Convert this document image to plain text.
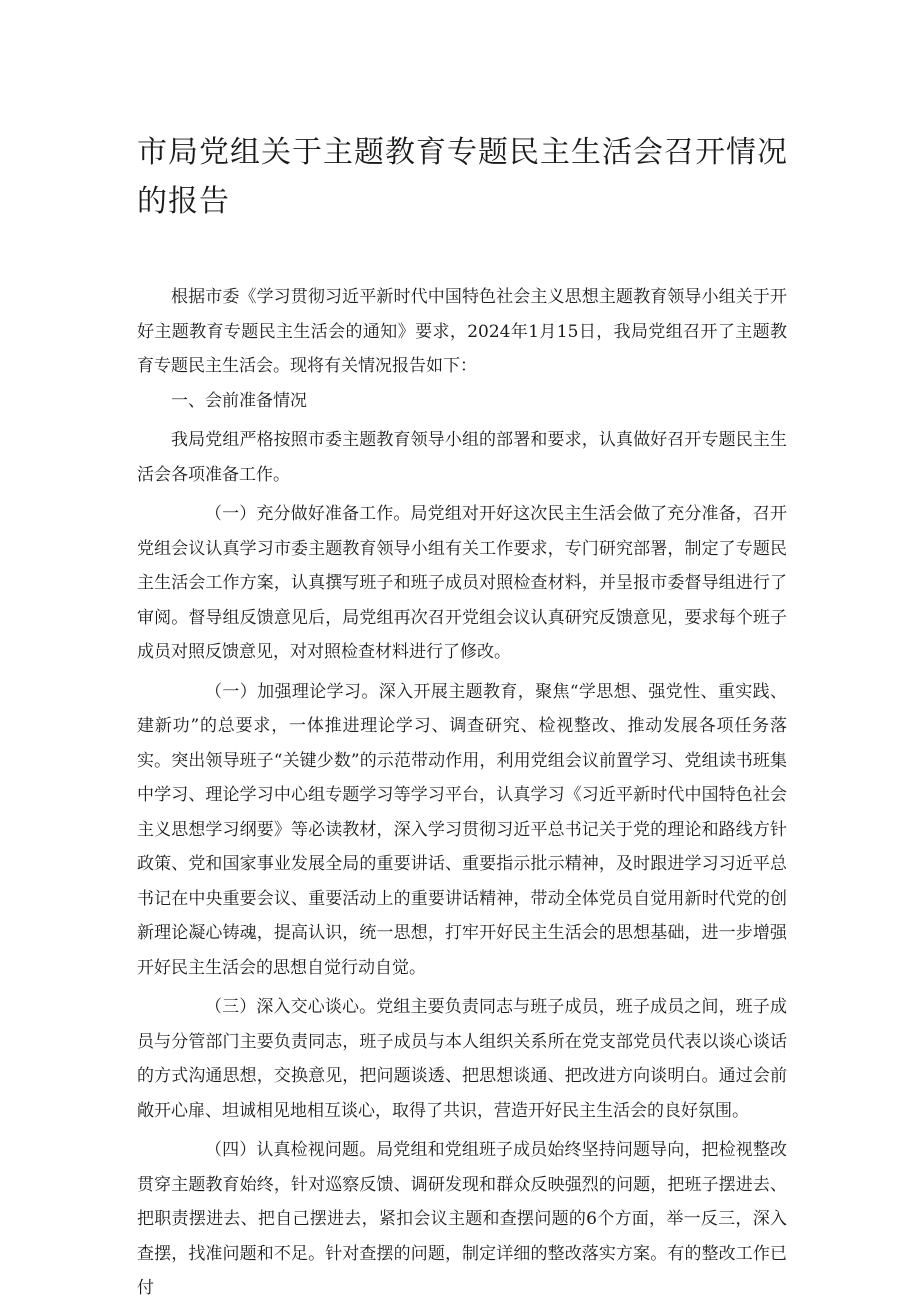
市局党组关于主题教育专题民主生活会召开情况的报告

根据市委《学习贯彻习近平新时代中国特色社会主义思想主题教育领导小组关于开好主题教育专题民主生活会的通知》要求，2024年1月15日，我局党组召开了主题教育专题民主生活会。现将有关情况报告如下：

一、会前准备情况

我局党组严格按照市委主题教育领导小组的部署和要求，认真做好召开专题民主生活会各项准备工作。

（一）充分做好准备工作。局党组对开好这次民主生活会做了充分准备，召开党组会议认真学习市委主题教育领导小组有关工作要求，专门研究部署，制定了专题民主生活会工作方案，认真撰写班子和班子成员对照检查材料，并呈报市委督导组进行了审阅。督导组反馈意见后，局党组再次召开党组会议认真研究反馈意见，要求每个班子成员对照反馈意见，对对照检查材料进行了修改。

（一）加强理论学习。深入开展主题教育，聚焦“学思想、强党性、重实践、建新功”的总要求，一体推进理论学习、调查研究、检视整改、推动发展各项任务落实。突出领导班子“关键少数”的示范带动作用，利用党组会议前置学习、党组读书班集中学习、理论学习中心组专题学习等学习平台，认真学习《习近平新时代中国特色社会主义思想学习纲要》等必读教材，深入学习贯彻习近平总书记关于党的理论和路线方针政策、党和国家事业发展全局的重要讲话、重要指示批示精神，及时跟进学习习近平总书记在中央重要会议、重要活动上的重要讲话精神，带动全体党员自觉用新时代党的创新理论凝心铸魂，提高认识，统一思想，打牢开好民主生活会的思想基础，进一步增强开好民主生活会的思想自觉行动自觉。

（三）深入交心谈心。党组主要负责同志与班子成员，班子成员之间，班子成员与分管部门主要负责同志，班子成员与本人组织关系所在党支部党员代表以谈心谈话的方式沟通思想，交换意见，把问题谈透、把思想谈通、把改进方向谈明白。通过会前敞开心扉、坦诚相见地相互谈心，取得了共识，营造开好民主生活会的良好氛围。

（四）认真检视问题。局党组和党组班子成员始终坚持问题导向，把检视整改贯穿主题教育始终，针对巡察反馈、调研发现和群众反映强烈的问题，把班子摆进去、把职责摆进去、把自己摆进去，紧扣会议主题和查摆问题的6个方面，举一反三，深入查摆，找准问题和不足。针对查摆的问题，制定详细的整改落实方案。有的整改工作已付
